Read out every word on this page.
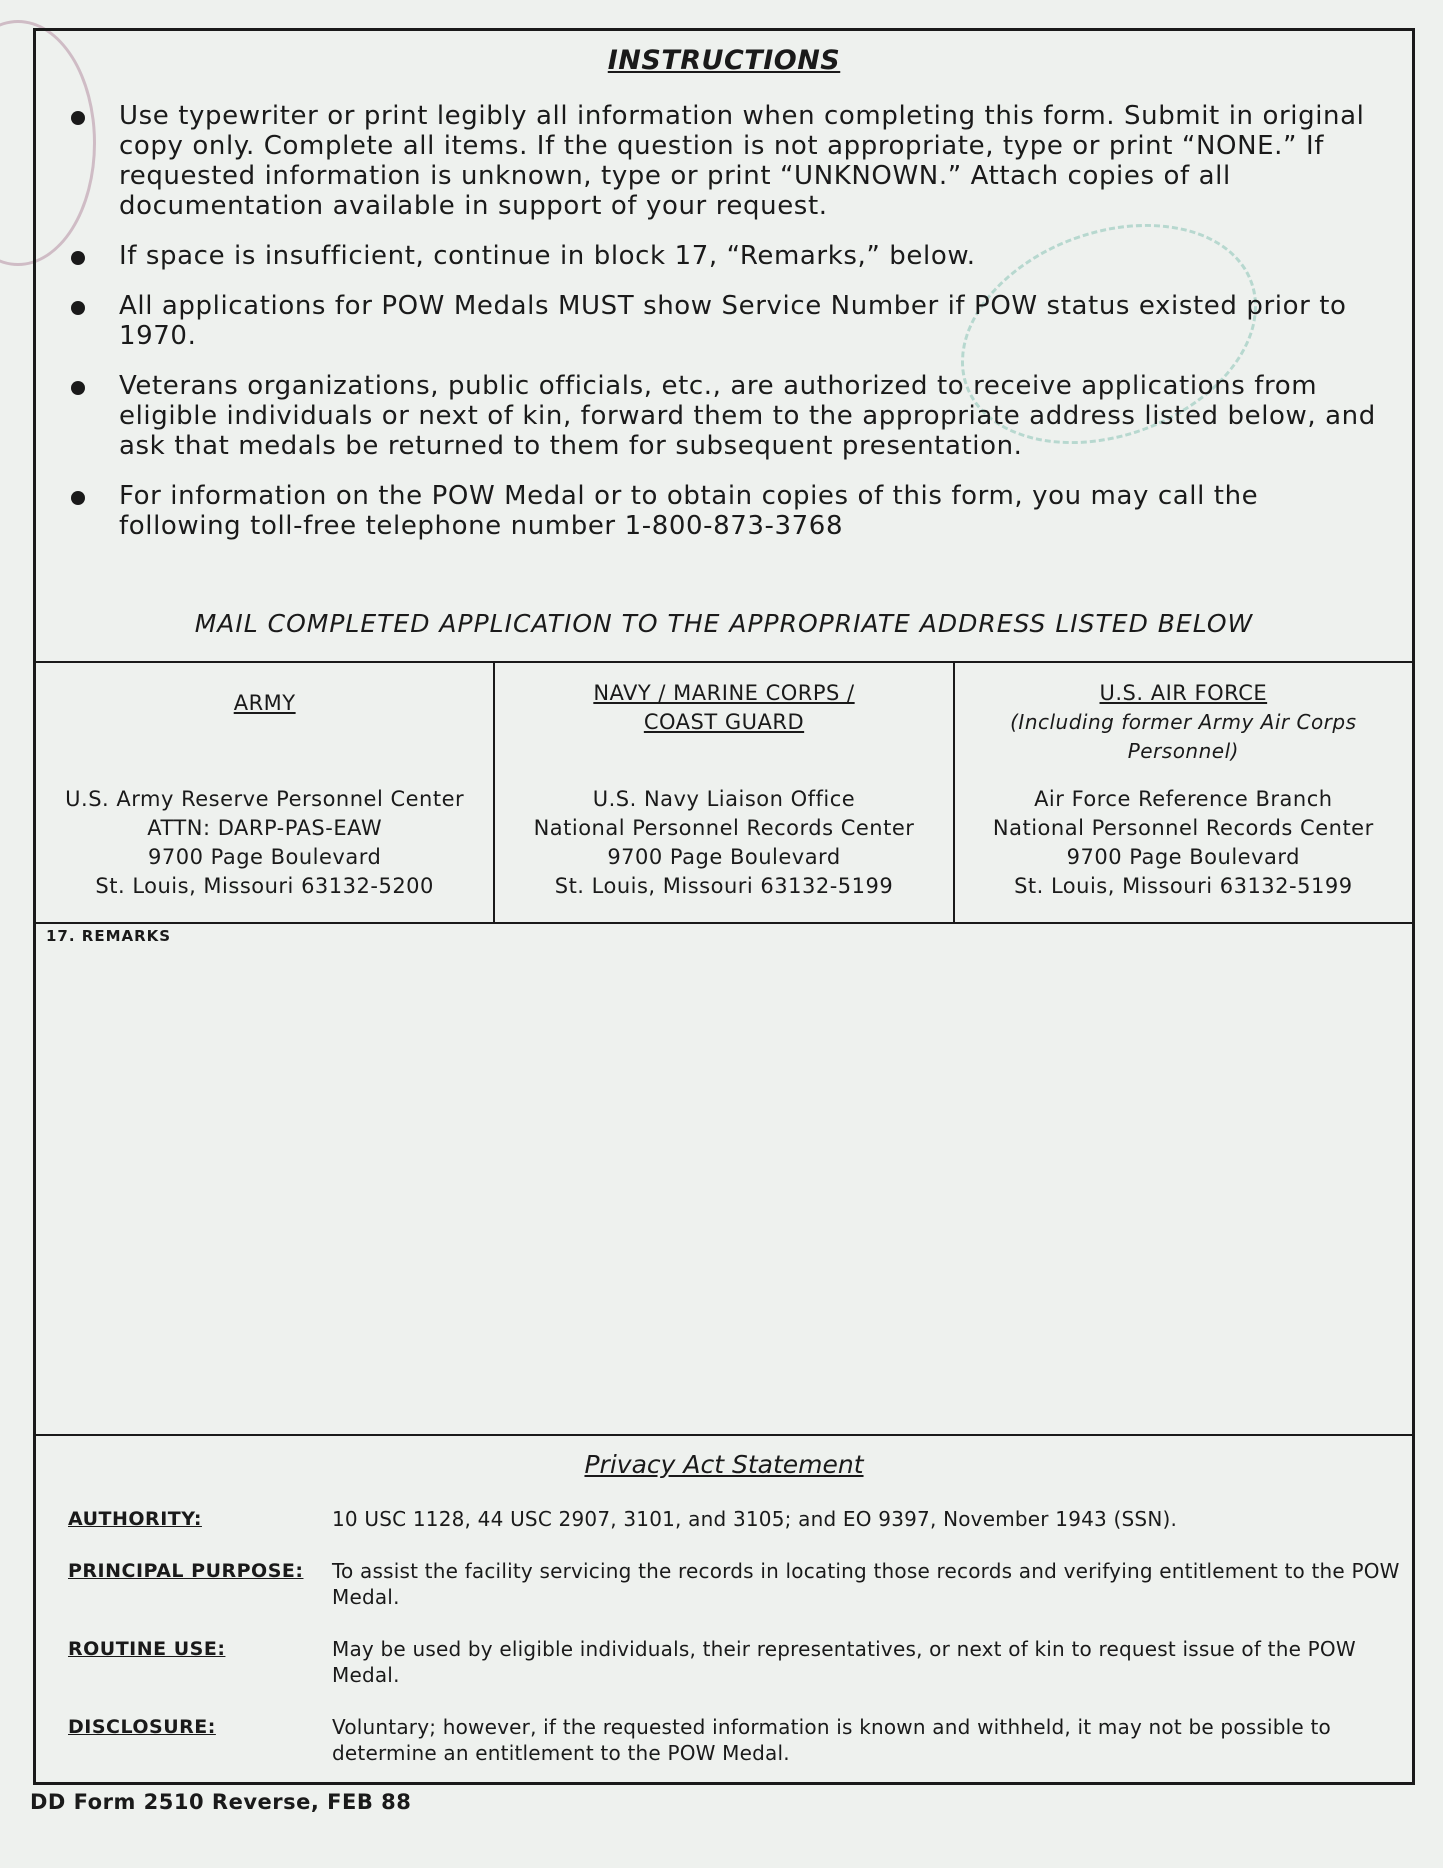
INSTRUCTIONS
Use typewriter or print legibly all information when completing this form. Submit in original copy only. Complete all items. If the question is not appropriate, type or print “NONE.” If requested information is unknown, type or print “UNKNOWN.” Attach copies of all documentation available in support of your request.
If space is insufficient, continue in block 17, “Remarks,” below.
All applications for POW Medals MUST show Service Number if POW status existed prior to 1970.
Veterans organizations, public officials, etc., are authorized to receive applications from eligible individuals or next of kin, forward them to the appropriate address listed below, and ask that medals be returned to them for subsequent presentation.
For information on the POW Medal or to obtain copies of this form, you may call the following toll-free telephone number 1-800-873-3768
MAIL COMPLETED APPLICATION TO THE APPROPRIATE ADDRESS LISTED BELOW
ARMY
U.S. Army Reserve Personnel Center
ATTN: DARP-PAS-EAW
9700 Page Boulevard
St. Louis, Missouri 63132-5200
NAVY / MARINE CORPS /
COAST GUARD
U.S. Navy Liaison Office
National Personnel Records Center
9700 Page Boulevard
St. Louis, Missouri 63132-5199
U.S. AIR FORCE
(Including former Army Air Corps Personnel)
Air Force Reference Branch
National Personnel Records Center
9700 Page Boulevard
St. Louis, Missouri 63132-5199
17. REMARKS
Privacy Act Statement
AUTHORITY:	10 USC 1128, 44 USC 2907, 3101, and 3105; and EO 9397, November 1943 (SSN).
PRINCIPAL PURPOSE:	To assist the facility servicing the records in locating those records and verifying entitlement to the POW Medal.
ROUTINE USE:	May be used by eligible individuals, their representatives, or next of kin to request issue of the POW Medal.
DISCLOSURE:	Voluntary; however, if the requested information is known and withheld, it may not be possible to determine an entitlement to the POW Medal.
DD Form 2510 Reverse, FEB 88
